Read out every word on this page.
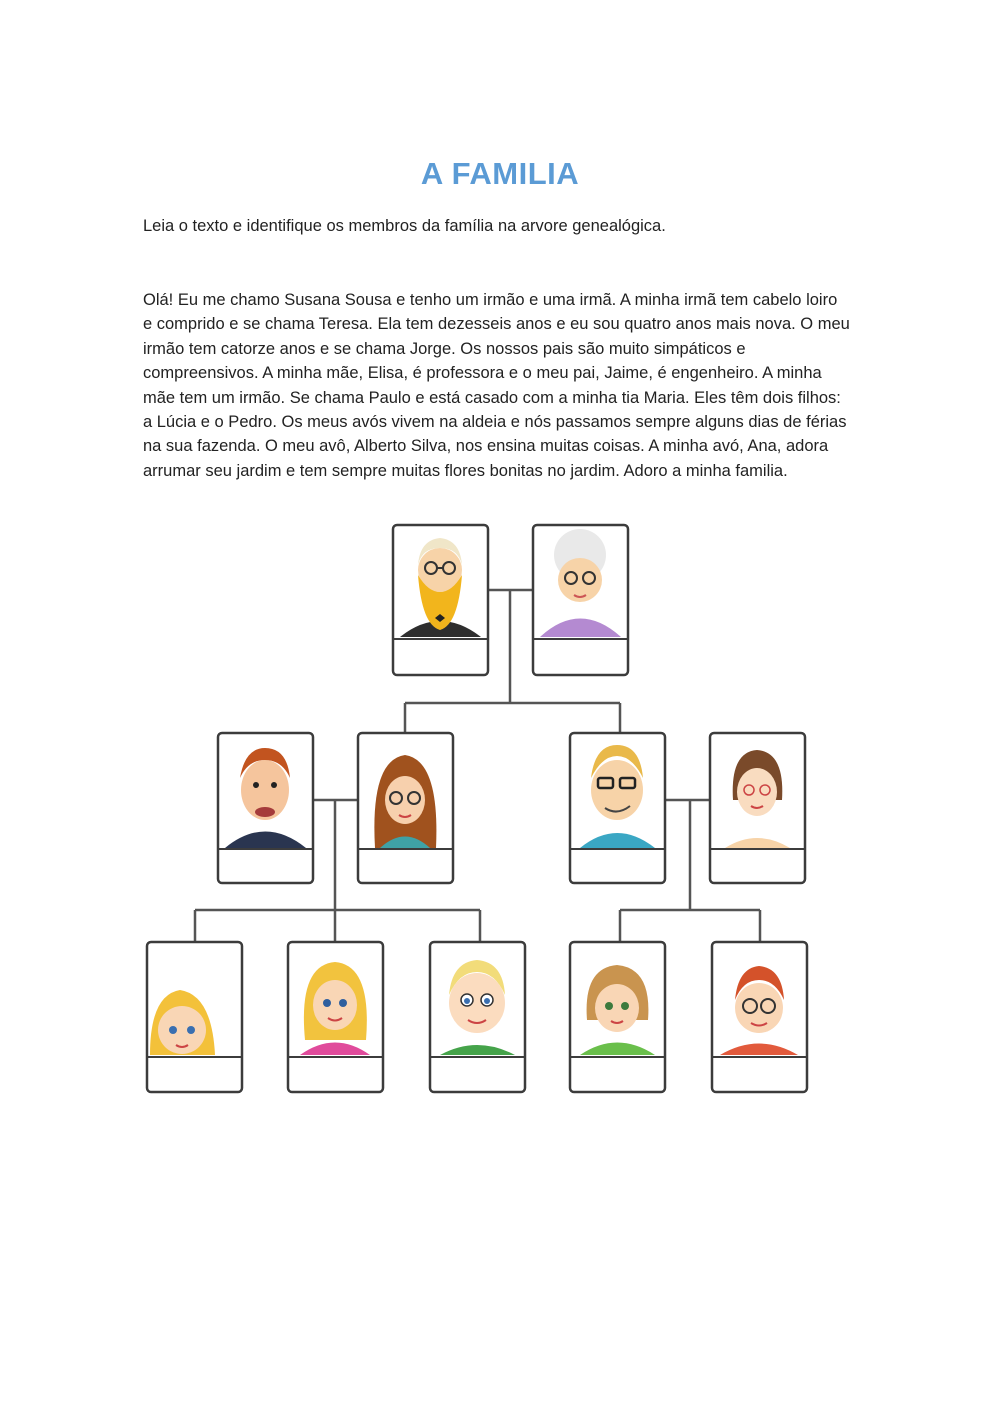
A FAMILIA

Leia o texto e identifique os membros da família na arvore genealógica.

Olá! Eu me chamo Susana Sousa e tenho um irmão e uma irmã. A minha irmã tem cabelo loiro
e comprido e se chama Teresa. Ela tem dezesseis anos e eu sou quatro anos mais nova. O meu
irmão tem catorze anos e se chama Jorge. Os nossos pais são muito simpáticos e
compreensivos. A minha mãe, Elisa, é professora e o meu pai, Jaime, é engenheiro. A minha
mãe tem um irmão. Se chama Paulo e está casado com a minha tia Maria. Eles têm dois filhos:
a Lúcia e o Pedro. Os meus avós vivem na aldeia e nós passamos sempre alguns dias de férias
na sua fazenda. O meu avô, Alberto Silva, nos ensina muitas coisas. A minha avó, Ana, adora
arrumar seu jardim e tem sempre muitas flores bonitas no jardim. Adoro a minha familia.
